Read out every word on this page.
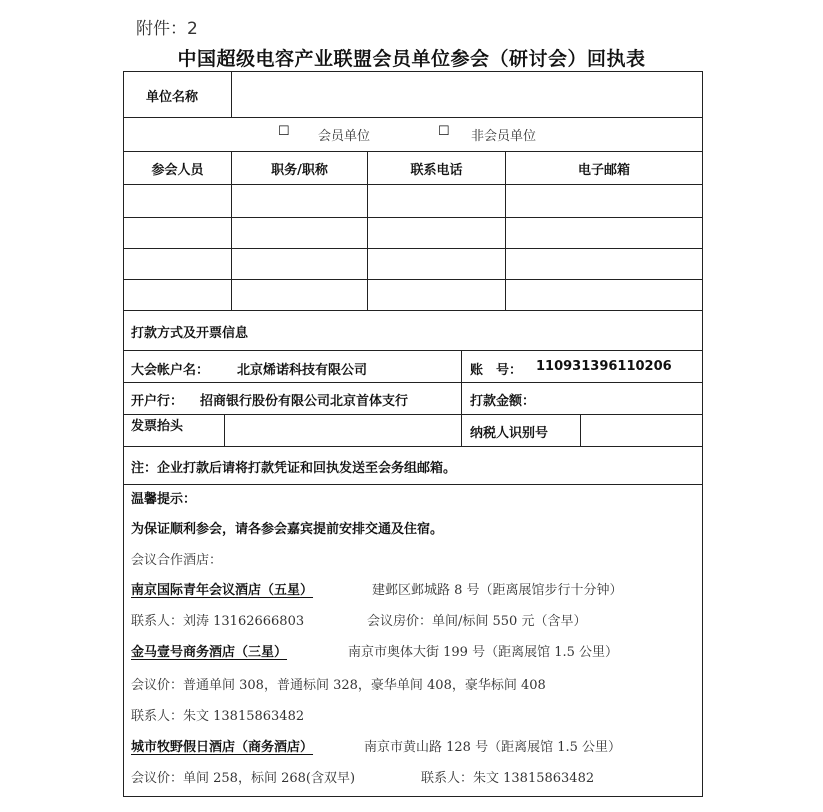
附件：2
中国超级电容产业联盟会员单位参会（研讨会）回执表
单位名称
☐ 会员单位	☐ 非会员单位
参会人员	职务/职称	联系电话	电子邮箱
打款方式及开票信息
大会帐户名： 北京烯诺科技有限公司	账　号： 110931396110206
开户行： 招商银行股份有限公司北京首体支行	打款金额：
发票抬头	纳税人识别号
注：企业打款后请将打款凭证和回执发送至会务组邮箱。
温馨提示：
为保证顺利参会，请各参会嘉宾提前安排交通及住宿。
会议合作酒店：
南京国际青年会议酒店（五星）	建邺区邺城路 8 号（距离展馆步行十分钟）
联系人：刘涛 13162666803	会议房价：单间/标间 550 元（含早）
金马壹号商务酒店（三星）	南京市奥体大街 199 号（距离展馆 1.5 公里）
会议价：普通单间 308，普通标间 328，豪华单间 408，豪华标间 408
联系人：朱文 13815863482
城市牧野假日酒店（商务酒店）	南京市黄山路 128 号（距离展馆 1.5 公里）
会议价：单间 258，标间 268(含双早)	联系人：朱文 13815863482
